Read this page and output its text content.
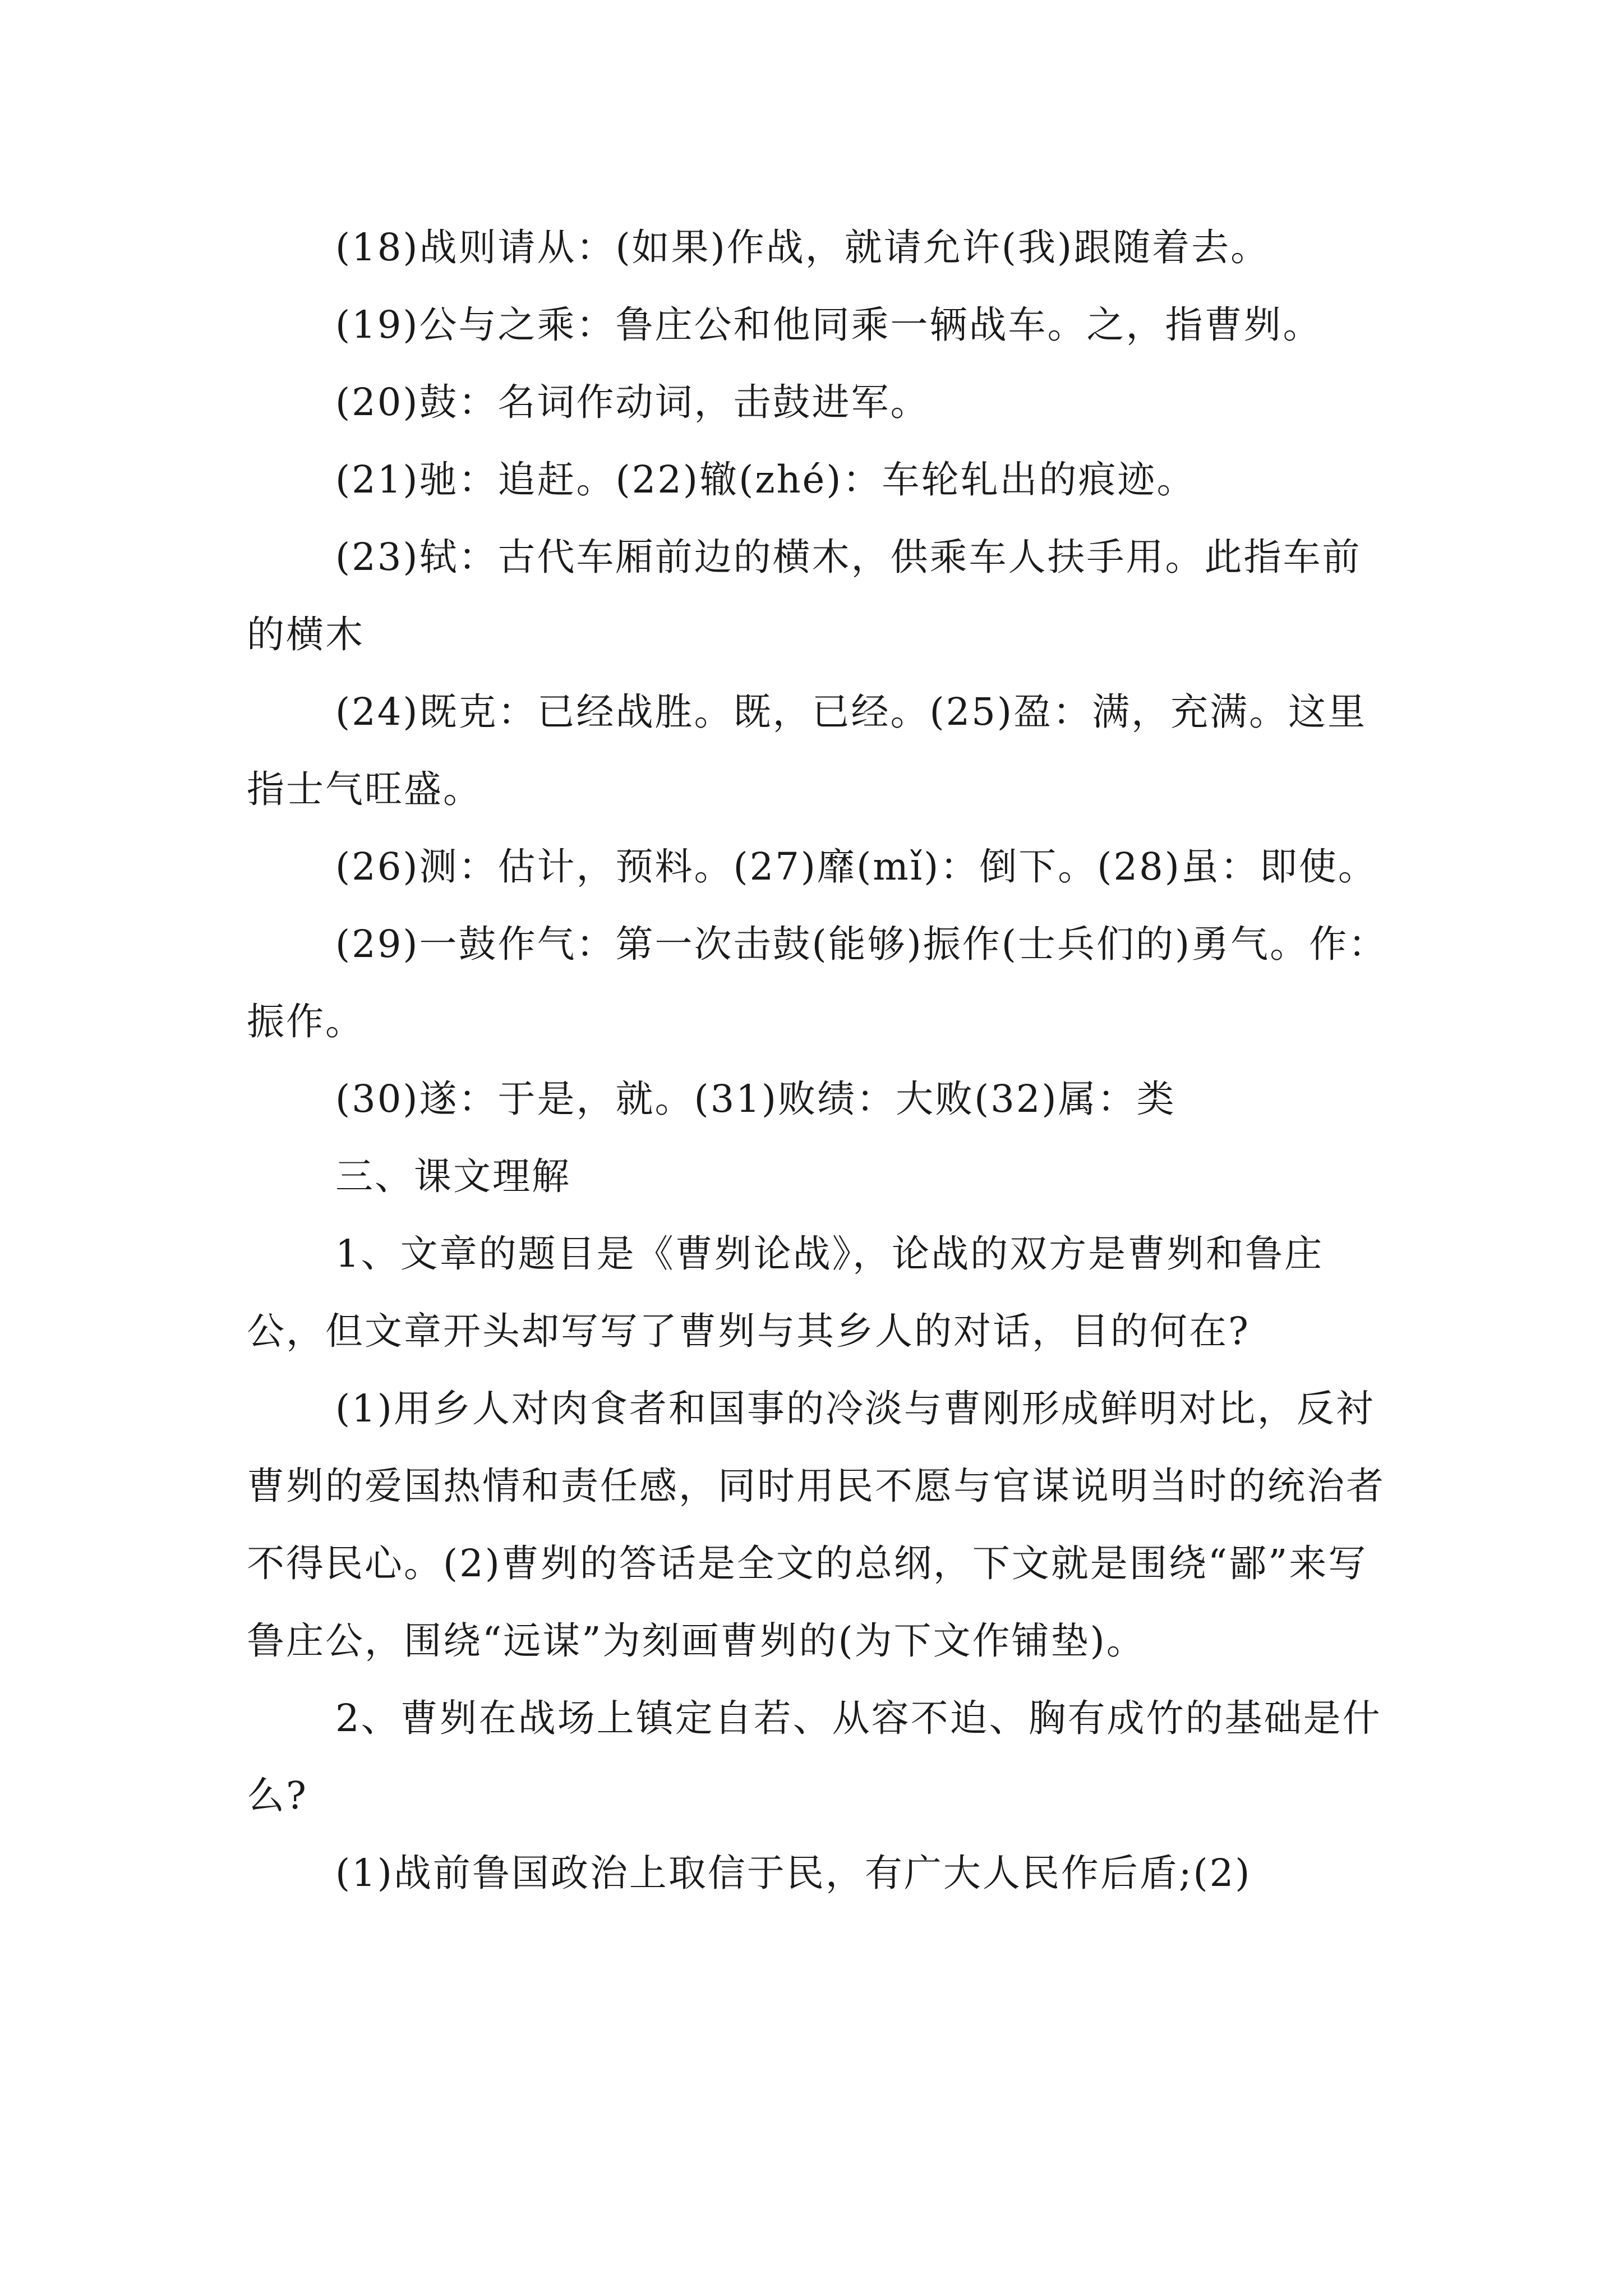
(18)战则请从：(如果)作战，就请允许(我)跟随着去。

(19)公与之乘：鲁庄公和他同乘一辆战车。之，指曹刿。

(20)鼓：名词作动词，击鼓进军。

(21)驰：追赶。(22)辙(zhé)：车轮轧出的痕迹。

(23)轼：古代车厢前边的横木，供乘车人扶手用。此指车前的横木

(24)既克：已经战胜。既，已经。(25)盈：满，充满。这里指士气旺盛。

(26)测：估计，预料。(27)靡(mǐ)：倒下。(28)虽：即使。

(29)一鼓作气：第一次击鼓(能够)振作(士兵们的)勇气。作：振作。

(30)遂：于是，就。(31)败绩：大败(32)属：类

三、课文理解

1、文章的题目是《曹刿论战》，论战的双方是曹刿和鲁庄公，但文章开头却写写了曹刿与其乡人的对话，目的何在?

(1)用乡人对肉食者和国事的冷淡与曹刚形成鲜明对比，反衬曹刿的爱国热情和责任感，同时用民不愿与官谋说明当时的统治者不得民心。(2)曹刿的答话是全文的总纲，下文就是围绕“鄙”来写鲁庄公，围绕“远谋”为刻画曹刿的(为下文作铺垫)。

2、曹刿在战场上镇定自若、从容不迫、胸有成竹的基础是什么?

(1)战前鲁国政治上取信于民，有广大人民作后盾;(2)
